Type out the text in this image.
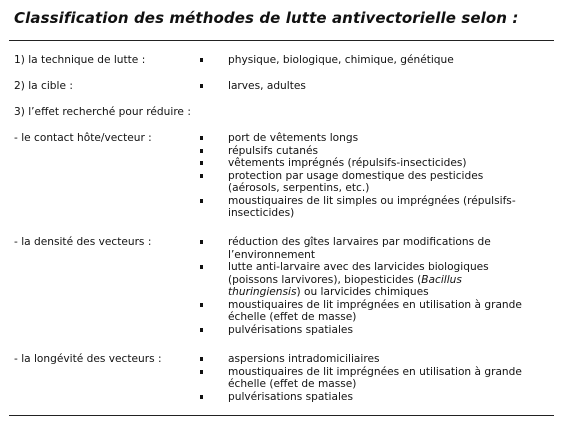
Classification des méthodes de lutte antivectorielle selon :
1) la technique de lutte :	physique, biologique, chimique, génétique
2) la cible :	larves, adultes
3) l’effet recherché pour réduire :
- le contact hôte/vecteur :	port de vêtements longs
répulsifs cutanés
vêtements imprégnés (répulsifs-insecticides)
protection par usage domestique des pesticides (aérosols, serpentins, etc.)
moustiquaires de lit simples ou imprégnées (répulsifs-insecticides)
- la densité des vecteurs :	réduction des gîtes larvaires par modifications de l’environnement
lutte anti-larvaire avec des larvicides biologiques (poissons larvivores), biopesticides (Bacillus thuringiensis) ou larvicides chimiques
moustiquaires de lit imprégnées en utilisation à grande échelle (effet de masse)
pulvérisations spatiales
- la longévité des vecteurs :	aspersions intradomiciliaires
moustiquaires de lit imprégnées en utilisation à grande échelle (effet de masse)
pulvérisations spatiales
